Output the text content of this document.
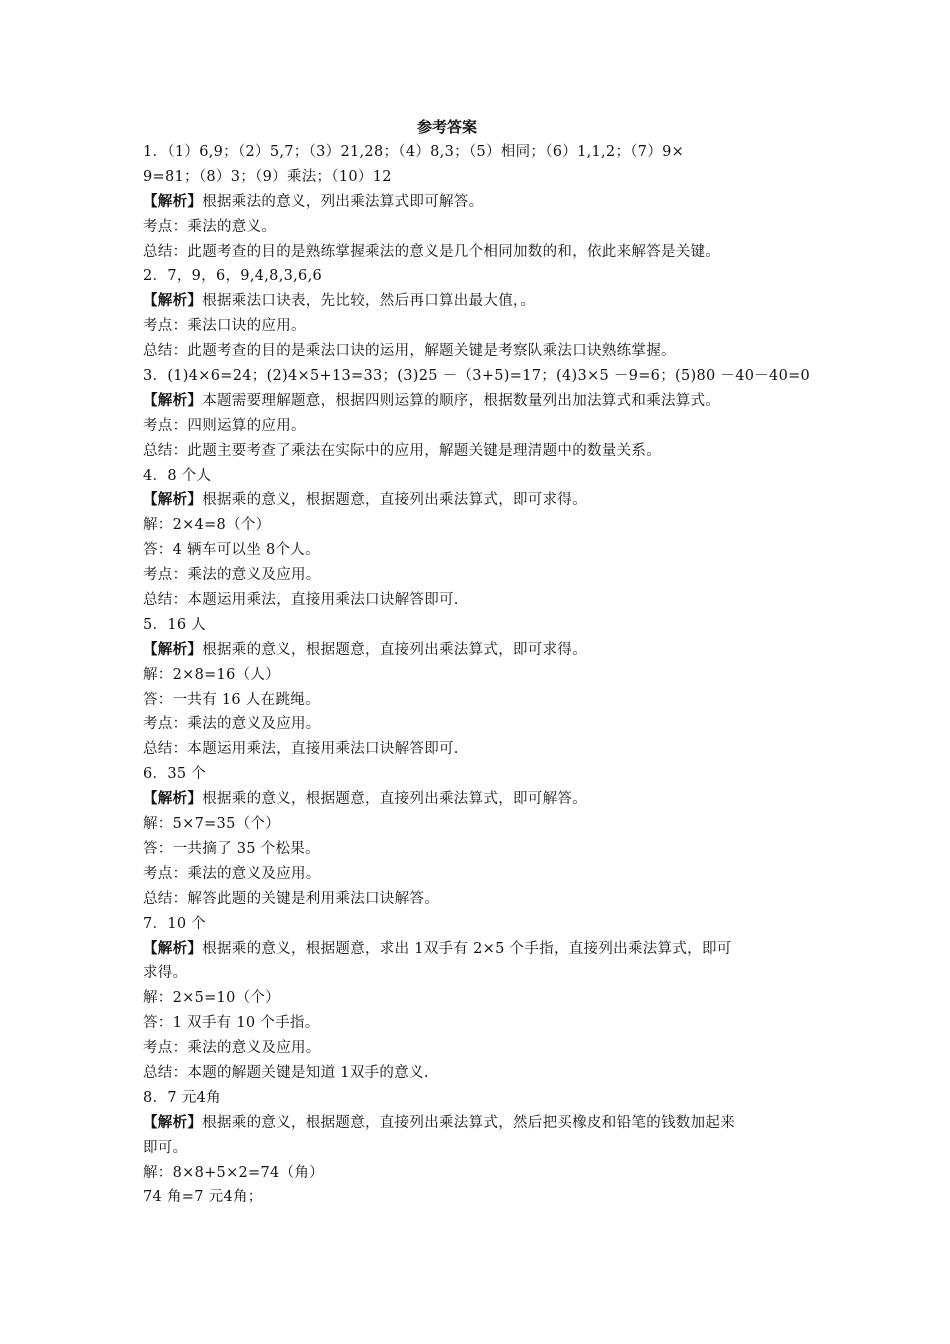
参考答案
1．（1）6,9；（2）5,7；（3）21,28；（4）8,3；（5）相同；（6）1,1,2；（7）9×
9=81；（8）3；（9）乘法；（10）12
【解析】根据乘法的意义，列出乘法算式即可解答。
考点：乘法的意义。
总结：此题考查的目的是熟练掌握乘法的意义是几个相同加数的和，依此来解答是关键。
2．7，9，6，9,4,8,3,6,6
【解析】根据乘法口诀表，先比较，然后再口算出最大值，。
考点：乘法口诀的应用。
总结：此题考查的目的是乘法口诀的运用，解题关键是考察队乘法口诀熟练掌握。
3．(1)4×6=24；(2)4×5+13=33；(3)25 －（3+5)=17；(4)3×5 －9=6；(5)80 －40－40=0
【解析】本题需要理解题意，根据四则运算的顺序，根据数量列出加法算式和乘法算式。
考点：四则运算的应用。
总结：此题主要考查了乘法在实际中的应用，解题关键是理清题中的数量关系。
4．8 个人
【解析】根据乘的意义，根据题意，直接列出乘法算式，即可求得。
解：2×4=8（个）
答：4 辆车可以坐 8个人。
考点：乘法的意义及应用。
总结：本题运用乘法，直接用乘法口诀解答即可.
5．16 人
【解析】根据乘的意义，根据题意，直接列出乘法算式，即可求得。
解：2×8=16（人）
答：一共有 16 人在跳绳。
考点：乘法的意义及应用。
总结：本题运用乘法，直接用乘法口诀解答即可.
6．35 个
【解析】根据乘的意义，根据题意，直接列出乘法算式，即可解答。
解：5×7=35（个）
答：一共摘了 35 个松果。
考点：乘法的意义及应用。
总结：解答此题的关键是利用乘法口诀解答。
7．10 个
【解析】根据乘的意义，根据题意，求出 1双手有 2×5 个手指，直接列出乘法算式，即可
求得。
解：2×5=10（个）
答：1 双手有 10 个手指。
考点：乘法的意义及应用。
总结：本题的解题关键是知道 1双手的意义.
8．7 元4角
【解析】根据乘的意义，根据题意，直接列出乘法算式，然后把买橡皮和铅笔的钱数加起来
即可。
解：8×8+5×2=74（角）
74 角=7 元4角；
